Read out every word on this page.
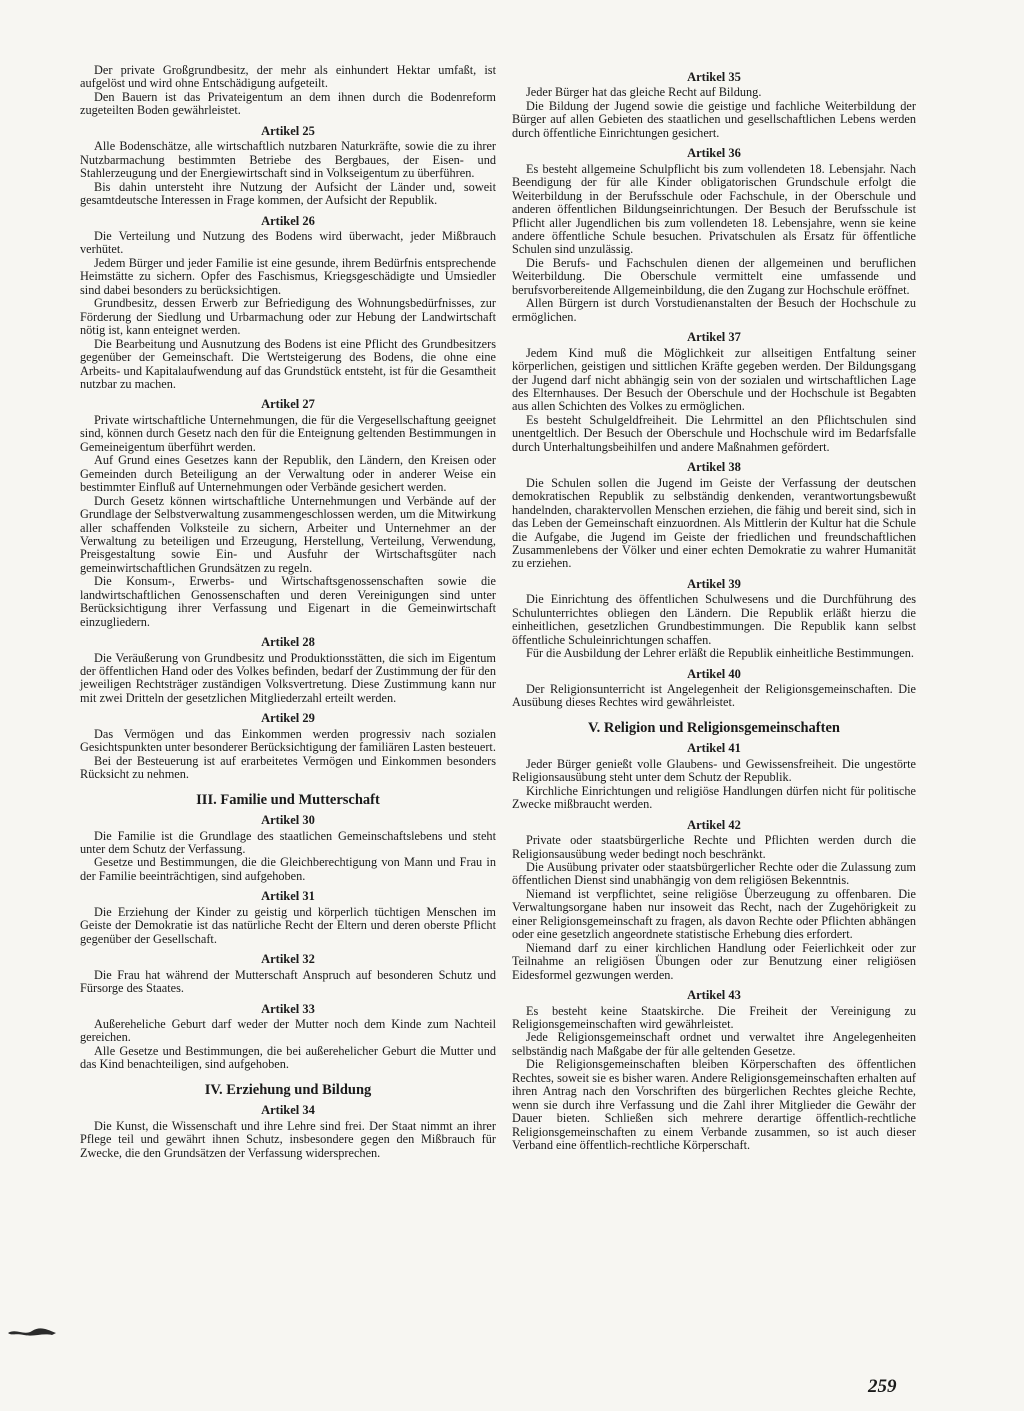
Der private Großgrundbesitz, der mehr als einhundert Hektar umfaßt, ist aufgelöst und wird ohne Entschädigung aufgeteilt.

Den Bauern ist das Privateigentum an dem ihnen durch die Bodenreform zugeteilten Boden gewährleistet.

Artikel 25

Alle Bodenschätze, alle wirtschaftlich nutzbaren Naturkräfte, sowie die zu ihrer Nutzbarmachung bestimmten Betriebe des Bergbaues, der Eisen- und Stahlerzeugung und der Energiewirtschaft sind in Volkseigentum zu überführen.

Bis dahin untersteht ihre Nutzung der Aufsicht der Länder und, soweit gesamtdeutsche Interessen in Frage kommen, der Aufsicht der Republik.

Artikel 26

Die Verteilung und Nutzung des Bodens wird überwacht, jeder Mißbrauch verhütet.

Jedem Bürger und jeder Familie ist eine gesunde, ihrem Bedürfnis entsprechende Heimstätte zu sichern. Opfer des Faschismus, Kriegsgeschädigte und Umsiedler sind dabei besonders zu berücksichtigen.

Grundbesitz, dessen Erwerb zur Befriedigung des Wohnungsbedürfnisses, zur Förderung der Siedlung und Urbarmachung oder zur Hebung der Landwirtschaft nötig ist, kann enteignet werden.

Die Bearbeitung und Ausnutzung des Bodens ist eine Pflicht des Grundbesitzers gegenüber der Gemeinschaft. Die Wertsteigerung des Bodens, die ohne eine Arbeits- und Kapitalaufwendung auf das Grundstück entsteht, ist für die Gesamtheit nutzbar zu machen.

Artikel 27

Private wirtschaftliche Unternehmungen, die für die Vergesellschaftung geeignet sind, können durch Gesetz nach den für die Enteignung geltenden Bestimmungen in Gemeineigentum überführt werden.

Auf Grund eines Gesetzes kann der Republik, den Ländern, den Kreisen oder Gemeinden durch Beteiligung an der Verwaltung oder in anderer Weise ein bestimmter Einfluß auf Unternehmungen oder Verbände gesichert werden.

Durch Gesetz können wirtschaftliche Unternehmungen und Verbände auf der Grundlage der Selbstverwaltung zusammengeschlossen werden, um die Mitwirkung aller schaffenden Volksteile zu sichern, Arbeiter und Unternehmer an der Verwaltung zu beteiligen und Erzeugung, Herstellung, Verteilung, Verwendung, Preisgestaltung sowie Ein- und Ausfuhr der Wirtschaftsgüter nach gemeinwirtschaftlichen Grundsätzen zu regeln.

Die Konsum-, Erwerbs- und Wirtschaftsgenossenschaften sowie die landwirtschaftlichen Genossenschaften und deren Vereinigungen sind unter Berücksichtigung ihrer Verfassung und Eigenart in die Gemeinwirtschaft einzugliedern.

Artikel 28

Die Veräußerung von Grundbesitz und Produktionsstätten, die sich im Eigentum der öffentlichen Hand oder des Volkes befinden, bedarf der Zustimmung der für den jeweiligen Rechtsträger zuständigen Volksvertretung. Diese Zustimmung kann nur mit zwei Dritteln der gesetzlichen Mitgliederzahl erteilt werden.

Artikel 29

Das Vermögen und das Einkommen werden progressiv nach sozialen Gesichtspunkten unter besonderer Berücksichtigung der familiären Lasten besteuert.

Bei der Besteuerung ist auf erarbeitetes Vermögen und Einkommen besonders Rücksicht zu nehmen.

III. Familie und Mutterschaft
Artikel 30

Die Familie ist die Grundlage des staatlichen Gemeinschaftslebens und steht unter dem Schutz der Verfassung.

Gesetze und Bestimmungen, die die Gleichberechtigung von Mann und Frau in der Familie beeinträchtigen, sind aufgehoben.

Artikel 31

Die Erziehung der Kinder zu geistig und körperlich tüchtigen Menschen im Geiste der Demokratie ist das natürliche Recht der Eltern und deren oberste Pflicht gegenüber der Gesellschaft.

Artikel 32

Die Frau hat während der Mutterschaft Anspruch auf besonderen Schutz und Fürsorge des Staates.

Artikel 33

Außereheliche Geburt darf weder der Mutter noch dem Kinde zum Nachteil gereichen.

Alle Gesetze und Bestimmungen, die bei außerehelicher Geburt die Mutter und das Kind benachteiligen, sind aufgehoben.

IV. Erziehung und Bildung
Artikel 34

Die Kunst, die Wissenschaft und ihre Lehre sind frei. Der Staat nimmt an ihrer Pflege teil und gewährt ihnen Schutz, insbesondere gegen den Mißbrauch für Zwecke, die den Grundsätzen der Verfassung widersprechen.

Artikel 35

Jeder Bürger hat das gleiche Recht auf Bildung.

Die Bildung der Jugend sowie die geistige und fachliche Weiterbildung der Bürger auf allen Gebieten des staatlichen und gesellschaftlichen Lebens werden durch öffentliche Einrichtungen gesichert.

Artikel 36

Es besteht allgemeine Schulpflicht bis zum vollendeten 18. Lebensjahr. Nach Beendigung der für alle Kinder obligatorischen Grundschule erfolgt die Weiterbildung in der Berufsschule oder Fachschule, in der Oberschule und anderen öffentlichen Bildungseinrichtungen. Der Besuch der Berufsschule ist Pflicht aller Jugendlichen bis zum vollendeten 18. Lebensjahre, wenn sie keine andere öffentliche Schule besuchen. Privatschulen als Ersatz für öffentliche Schulen sind unzulässig.

Die Berufs- und Fachschulen dienen der allgemeinen und beruflichen Weiterbildung. Die Oberschule vermittelt eine umfassende und berufsvorbereitende Allgemeinbildung, die den Zugang zur Hochschule eröffnet.

Allen Bürgern ist durch Vorstudienanstalten der Besuch der Hochschule zu ermöglichen.

Artikel 37

Jedem Kind muß die Möglichkeit zur allseitigen Entfaltung seiner körperlichen, geistigen und sittlichen Kräfte gegeben werden. Der Bildungsgang der Jugend darf nicht abhängig sein von der sozialen und wirtschaftlichen Lage des Elternhauses. Der Besuch der Oberschule und der Hochschule ist Begabten aus allen Schichten des Volkes zu ermöglichen.

Es besteht Schulgeldfreiheit. Die Lehrmittel an den Pflichtschulen sind unentgeltlich. Der Besuch der Oberschule und Hochschule wird im Bedarfsfalle durch Unterhaltungsbeihilfen und andere Maßnahmen gefördert.

Artikel 38

Die Schulen sollen die Jugend im Geiste der Verfassung der deutschen demokratischen Republik zu selbständig denkenden, verantwortungsbewußt handelnden, charaktervollen Menschen erziehen, die fähig und bereit sind, sich in das Leben der Gemeinschaft einzuordnen. Als Mittlerin der Kultur hat die Schule die Aufgabe, die Jugend im Geiste der friedlichen und freundschaftlichen Zusammenlebens der Völker und einer echten Demokratie zu wahrer Humanität zu erziehen.

Artikel 39

Die Einrichtung des öffentlichen Schulwesens und die Durchführung des Schulunterrichtes obliegen den Ländern. Die Republik erläßt hierzu die einheitlichen, gesetzlichen Grundbestimmungen. Die Republik kann selbst öffentliche Schuleinrichtungen schaffen.

Für die Ausbildung der Lehrer erläßt die Republik einheitliche Bestimmungen.

Artikel 40

Der Religionsunterricht ist Angelegenheit der Religionsgemeinschaften. Die Ausübung dieses Rechtes wird gewährleistet.

V. Religion und Religionsgemeinschaften
Artikel 41

Jeder Bürger genießt volle Glaubens- und Gewissensfreiheit. Die ungestörte Religionsausübung steht unter dem Schutz der Republik.

Kirchliche Einrichtungen und religiöse Handlungen dürfen nicht für politische Zwecke mißbraucht werden.

Artikel 42

Private oder staatsbürgerliche Rechte und Pflichten werden durch die Religionsausübung weder bedingt noch beschränkt.

Die Ausübung privater oder staatsbürgerlicher Rechte oder die Zulassung zum öffentlichen Dienst sind unabhängig von dem religiösen Bekenntnis.

Niemand ist verpflichtet, seine religiöse Überzeugung zu offenbaren. Die Verwaltungsorgane haben nur insoweit das Recht, nach der Zugehörigkeit zu einer Religionsgemeinschaft zu fragen, als davon Rechte oder Pflichten abhängen oder eine gesetzlich angeordnete statistische Erhebung dies erfordert.

Niemand darf zu einer kirchlichen Handlung oder Feierlichkeit oder zur Teilnahme an religiösen Übungen oder zur Benutzung einer religiösen Eidesformel gezwungen werden.

Artikel 43

Es besteht keine Staatskirche. Die Freiheit der Vereinigung zu Religionsgemeinschaften wird gewährleistet.

Jede Religionsgemeinschaft ordnet und verwaltet ihre Angelegenheiten selbständig nach Maßgabe der für alle geltenden Gesetze.

Die Religionsgemeinschaften bleiben Körperschaften des öffentlichen Rechtes, soweit sie es bisher waren. Andere Religionsgemeinschaften erhalten auf ihren Antrag nach den Vorschriften des bürgerlichen Rechtes gleiche Rechte, wenn sie durch ihre Verfassung und die Zahl ihrer Mitglieder die Gewähr der Dauer bieten. Schließen sich mehrere derartige öffentlich-rechtliche Religionsgemeinschaften zu einem Verbande zusammen, so ist auch dieser Verband eine öffentlich-rechtliche Körperschaft.

259
